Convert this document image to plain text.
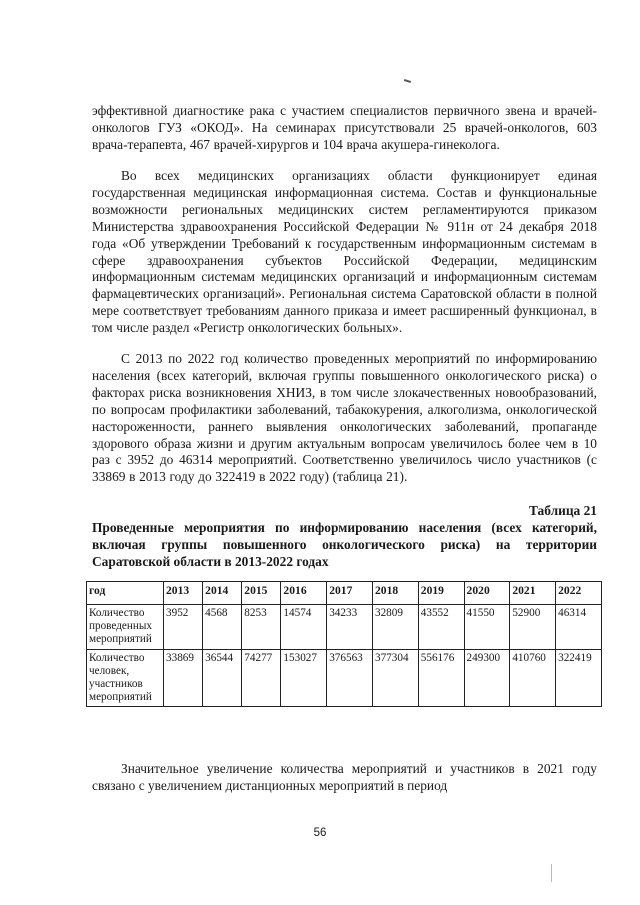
эффективной диагностике рака с участием специалистов первичного звена и врачей-онкологов ГУЗ «ОКОД». На семинарах присутствовали 25 врачей-онкологов, 603 врача-терапевта, 467 врачей-хирургов и 104 врача акушера-гинеколога.
Во всех медицинских организациях области функционирует единая государственная медицинская информационная система. Состав и функциональные возможности региональных медицинских систем регламентируются приказом Министерства здравоохранения Российской Федерации № 911н от 24 декабря 2018 года «Об утверждении Требований к государственным информационным системам в сфере здравоохранения субъектов Российской Федерации, медицинским информационным системам медицинских организаций и информационным системам фармацевтических организаций». Региональная система Саратовской области в полной мере соответствует требованиям данного приказа и имеет расширенный функционал, в том числе раздел «Регистр онкологических больных».
С 2013 по 2022 год количество проведенных мероприятий по информированию населения (всех категорий, включая группы повышенного онкологического риска) о факторах риска возникновения ХНИЗ, в том числе злокачественных новообразований, по вопросам профилактики заболеваний, табакокурения, алкоголизма, онкологической настороженности, раннего выявления онкологических заболеваний, пропаганде здорового образа жизни и другим актуальным вопросам увеличилось более чем в 10 раз с 3952 до 46314 мероприятий. Соответственно увеличилось число участников (с 33869 в 2013 году до 322419 в 2022 году) (таблица 21).
Таблица 21
Проведенные мероприятия по информированию населения (всех категорий, включая группы повышенного онкологического риска) на территории Саратовской области в 2013-2022 годах
год	2013	2014	2015	2016	2017	2018	2019	2020	2021	2022
Количество проведенных мероприятий	3952	4568	8253	14574	34233	32809	43552	41550	52900	46314
Количество человек, участников мероприятий	33869	36544	74277	153027	376563	377304	556176	249300	410760	322419
Значительное увеличение количества мероприятий и участников в 2021 году связано с увеличением дистанционных мероприятий в период
56
